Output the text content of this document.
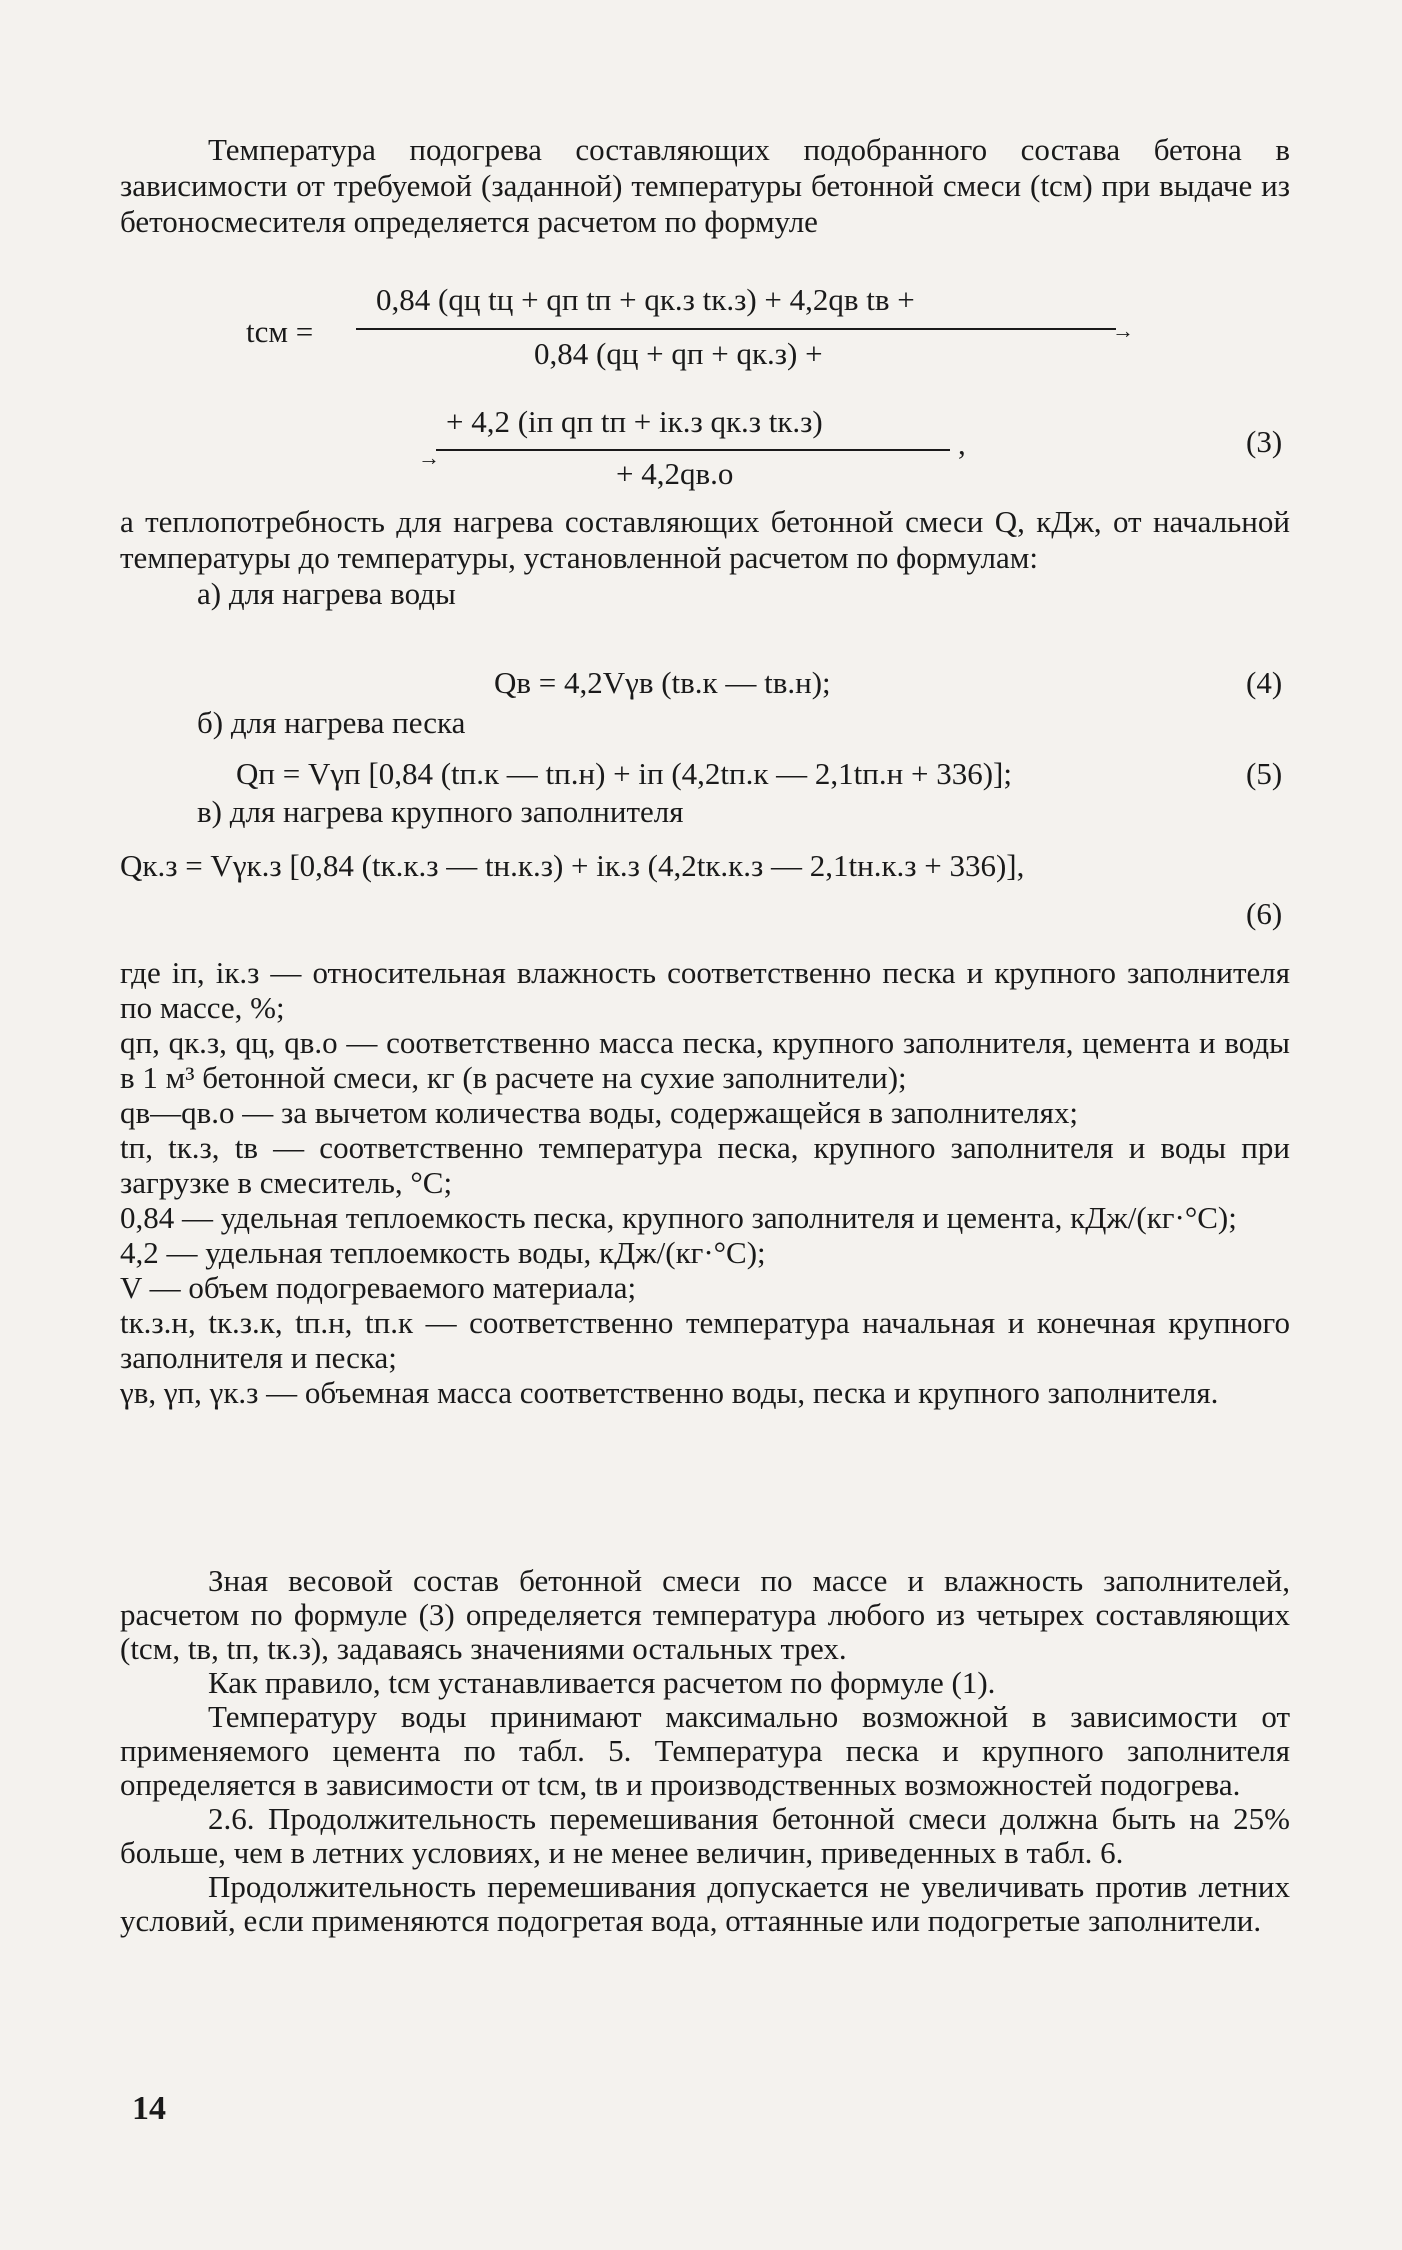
Температура подогрева составляющих подобранного состава бетона в зависимости от требуемой (заданной) температуры бетонной смеси (tсм) при выдаче из бетоносмесителя определяется расчетом по формуле

tсм =
0,84 (qц tц + qп tп + qк.з tк.з) + 4,2qв tв +
→
0,84 (qц + qп + qк.з) +
→
+ 4,2 (iп qп tп + iк.з qк.з tк.з)
,
+ 4,2qв.о
(3)

а теплопотребность для нагрева составляющих бетонной смеси Q, кДж, от начальной температуры до температуры, установленной расчетом по формулам:

а) для нагрева воды

Qв = 4,2Vγв (tв.к — tв.н);	(4)

б) для нагрева песка

Qп = Vγп [0,84 (tп.к — tп.н) + iп (4,2tп.к — 2,1tп.н + 336)];	(5)

в) для нагрева крупного заполнителя

Qк.з = Vγк.з [0,84 (tк.к.з — tн.к.з) + iк.з (4,2tк.к.з — 2,1tн.к.з + 336)],
(6)

где iп, iк.з — относительная влажность соответственно песка и крупного заполнителя по массе, %;

qп, qк.з, qц, qв.о — соответственно масса песка, крупного заполнителя, цемента и воды в 1 м³ бетонной смеси, кг (в расчете на сухие заполнители);

qв—qв.о — за вычетом количества воды, содержащейся в заполнителях;

tп, tк.з, tв — соответственно температура песка, крупного заполнителя и воды при загрузке в смеситель, °С;

0,84 — удельная теплоемкость песка, крупного заполнителя и цемента, кДж/(кг·°С);

4,2 — удельная теплоемкость воды, кДж/(кг·°С);

V — объем подогреваемого материала;

tк.з.н, tк.з.к, tп.н, tп.к — соответственно температура начальная и конечная крупного заполнителя и песка;

γв, γп, γк.з — объемная масса соответственно воды, песка и крупного заполнителя.

Зная весовой состав бетонной смеси по массе и влажность заполнителей, расчетом по формуле (3) определяется температура любого из четырех составляющих (tсм, tв, tп, tк.з), задаваясь значениями остальных трех.

Как правило, tсм устанавливается расчетом по формуле (1).

Температуру воды принимают максимально возможной в зависимости от применяемого цемента по табл. 5. Температура песка и крупного заполнителя определяется в зависимости от tсм, tв и производственных возможностей подогрева.

2.6. Продолжительность перемешивания бетонной смеси должна быть на 25% больше, чем в летних условиях, и не менее величин, приведенных в табл. 6.

Продолжительность перемешивания допускается не увеличивать против летних условий, если применяются подогретая вода, оттаянные или подогретые заполнители.

14
